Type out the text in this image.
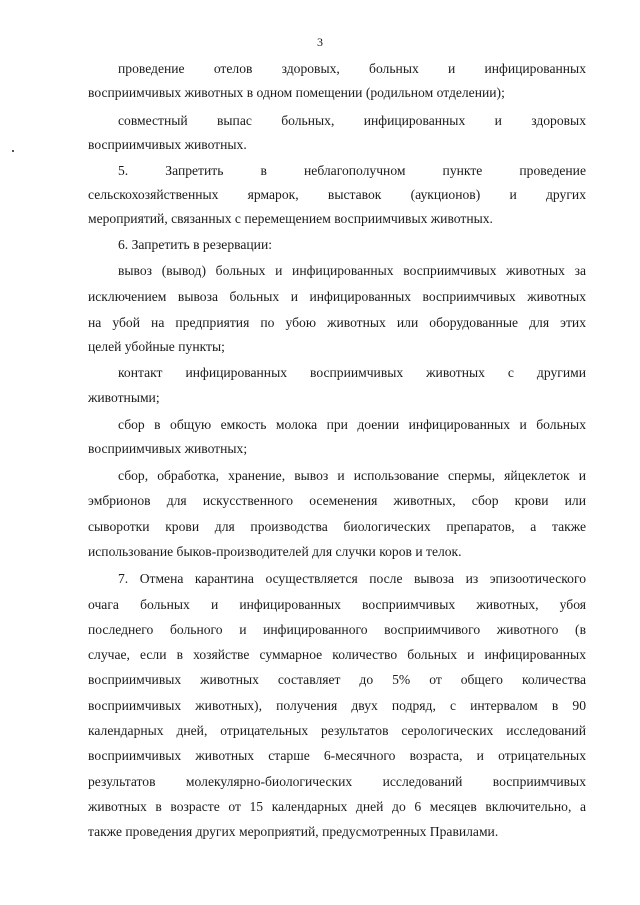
3
проведение отелов здоровых, больных и инфицированных
восприимчивых животных в одном помещении (родильном отделении);
совместный выпас больных, инфицированных и здоровых
восприимчивых животных.
5. Запретить в неблагополучном пункте проведение
сельскохозяйственных ярмарок, выставок (аукционов) и других
мероприятий, связанных с перемещением восприимчивых животных.
6. Запретить в резервации:
вывоз (вывод) больных и инфицированных восприимчивых животных за
исключением вывоза больных и инфицированных восприимчивых животных
на убой на предприятия по убою животных или оборудованные для этих
целей убойные пункты;
контакт инфицированных восприимчивых животных с другими
животными;
сбор в общую емкость молока при доении инфицированных и больных
восприимчивых животных;
сбор, обработка, хранение, вывоз и использование спермы, яйцеклеток и
эмбрионов для искусственного осеменения животных, сбор крови или
сыворотки крови для производства биологических препаратов, а также
использование быков-производителей для случки коров и телок.
7. Отмена карантина осуществляется после вывоза из эпизоотического
очага больных и инфицированных восприимчивых животных, убоя
последнего больного и инфицированного восприимчивого животного (в
случае, если в хозяйстве суммарное количество больных и инфицированных
восприимчивых животных составляет до 5% от общего количества
восприимчивых животных), получения двух подряд, с интервалом в 90
календарных дней, отрицательных результатов серологических исследований
восприимчивых животных старше 6-месячного возраста, и отрицательных
результатов молекулярно-биологических исследований восприимчивых
животных в возрасте от 15 календарных дней до 6 месяцев включительно, а
также проведения других мероприятий, предусмотренных Правилами.
